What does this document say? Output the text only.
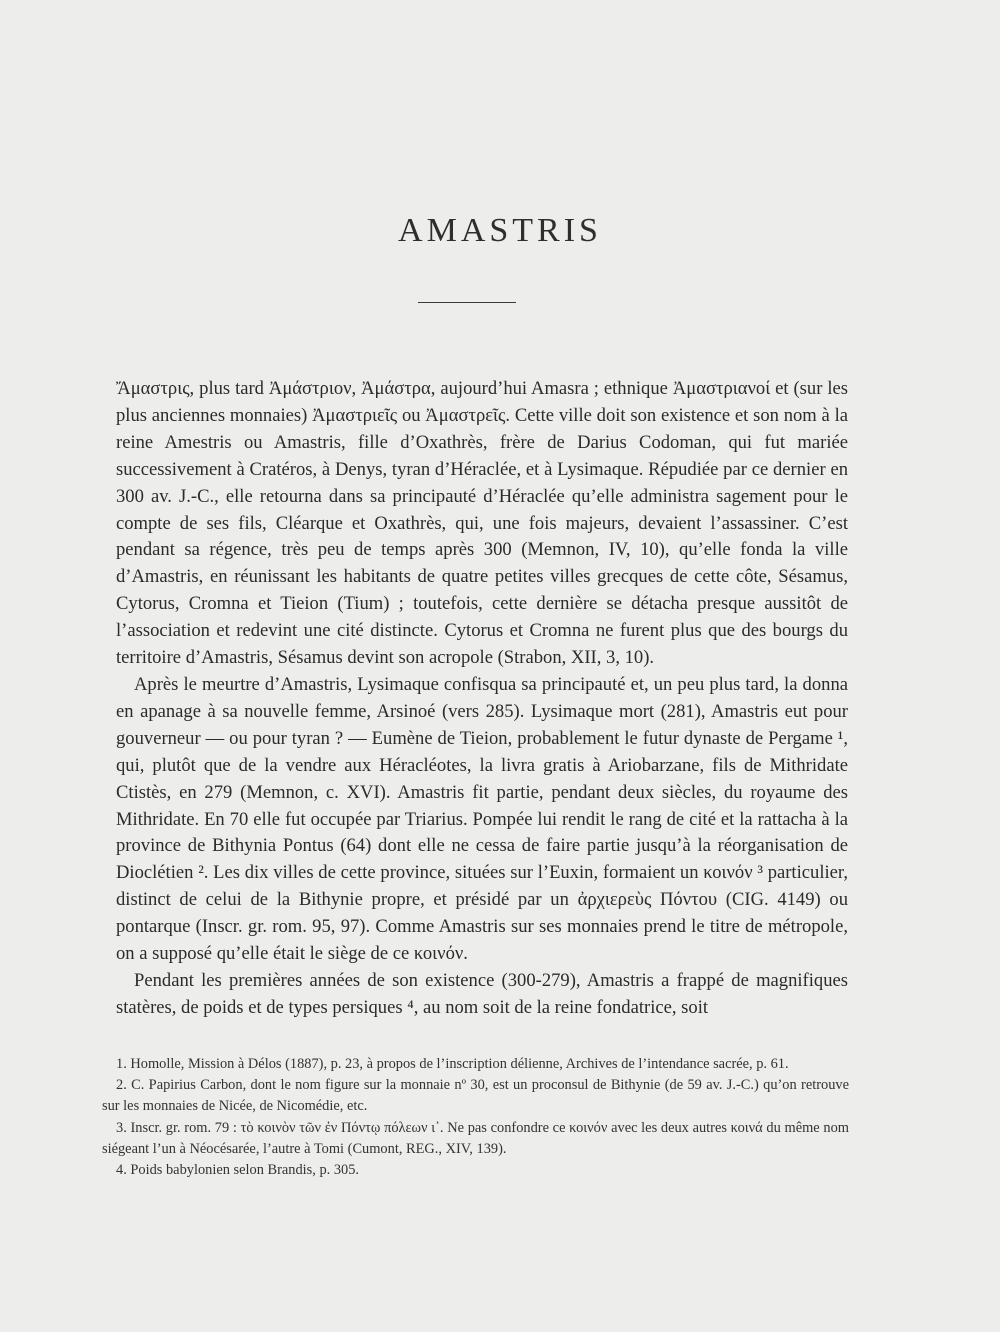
AMASTRIS

Ἄμαστρις, plus tard Ἀμάστριον, Ἀμάστρα, aujourd’hui Amasra ; ethnique Ἀμαστριανοί et (sur les plus anciennes monnaies) Ἀμαστριεῖς ou Ἀμαστρεῖς. Cette ville doit son existence et son nom à la reine Amestris ou Amastris, fille d’Oxathrès, frère de Darius Codoman, qui fut mariée successivement à Cratéros, à Denys, tyran d’Héraclée, et à Lysimaque. Répudiée par ce dernier en 300 av. J.-C., elle retourna dans sa principauté d’Héraclée qu’elle administra sagement pour le compte de ses fils, Cléarque et Oxathrès, qui, une fois majeurs, devaient l’assassiner. C’est pendant sa régence, très peu de temps après 300 (Memnon, IV, 10), qu’elle fonda la ville d’Amastris, en réunissant les habitants de quatre petites villes grecques de cette côte, Sésamus, Cytorus, Cromna et Tieion (Tium) ; toutefois, cette dernière se détacha presque aussitôt de l’association et redevint une cité distincte. Cytorus et Cromna ne furent plus que des bourgs du territoire d’Amastris, Sésamus devint son acropole (Strabon, XII, 3, 10).

Après le meurtre d’Amastris, Lysimaque confisqua sa principauté et, un peu plus tard, la donna en apanage à sa nouvelle femme, Arsinoé (vers 285). Lysimaque mort (281), Amastris eut pour gouverneur — ou pour tyran ? — Eumène de Tieion, probablement le futur dynaste de Pergame ¹, qui, plutôt que de la vendre aux Héracléotes, la livra gratis à Ariobarzane, fils de Mithridate Ctistès, en 279 (Memnon, c. XVI). Amastris fit partie, pendant deux siècles, du royaume des Mithridate. En 70 elle fut occupée par Triarius. Pompée lui rendit le rang de cité et la rattacha à la province de Bithynia Pontus (64) dont elle ne cessa de faire partie jusqu’à la réorganisation de Dioclétien ². Les dix villes de cette province, situées sur l’Euxin, formaient un κοινόν ³ particulier, distinct de celui de la Bithynie propre, et présidé par un ἀρχιερεὺς Πόντου (CIG. 4149) ou pontarque (Inscr. gr. rom. 95, 97). Comme Amastris sur ses monnaies prend le titre de métropole, on a supposé qu’elle était le siège de ce κοινόν.

Pendant les premières années de son existence (300-279), Amastris a frappé de magnifiques statères, de poids et de types persiques ⁴, au nom soit de la reine fondatrice, soit

1. Homolle, Mission à Délos (1887), p. 23, à propos de l’inscription délienne, Archives de l’intendance sacrée, p. 61.

2. C. Papirius Carbon, dont le nom figure sur la monnaie nº 30, est un proconsul de Bithynie (de 59 av. J.-C.) qu’on retrouve sur les monnaies de Nicée, de Nicomédie, etc.

3. Inscr. gr. rom. 79 : τὸ κοινὸν τῶν ἐν Πόντῳ πόλεων ι᾽. Ne pas confondre ce κοινόν avec les deux autres κοινά du même nom siégeant l’un à Néocésarée, l’autre à Tomi (Cumont, REG., XIV, 139).

4. Poids babylonien selon Brandis, p. 305.
